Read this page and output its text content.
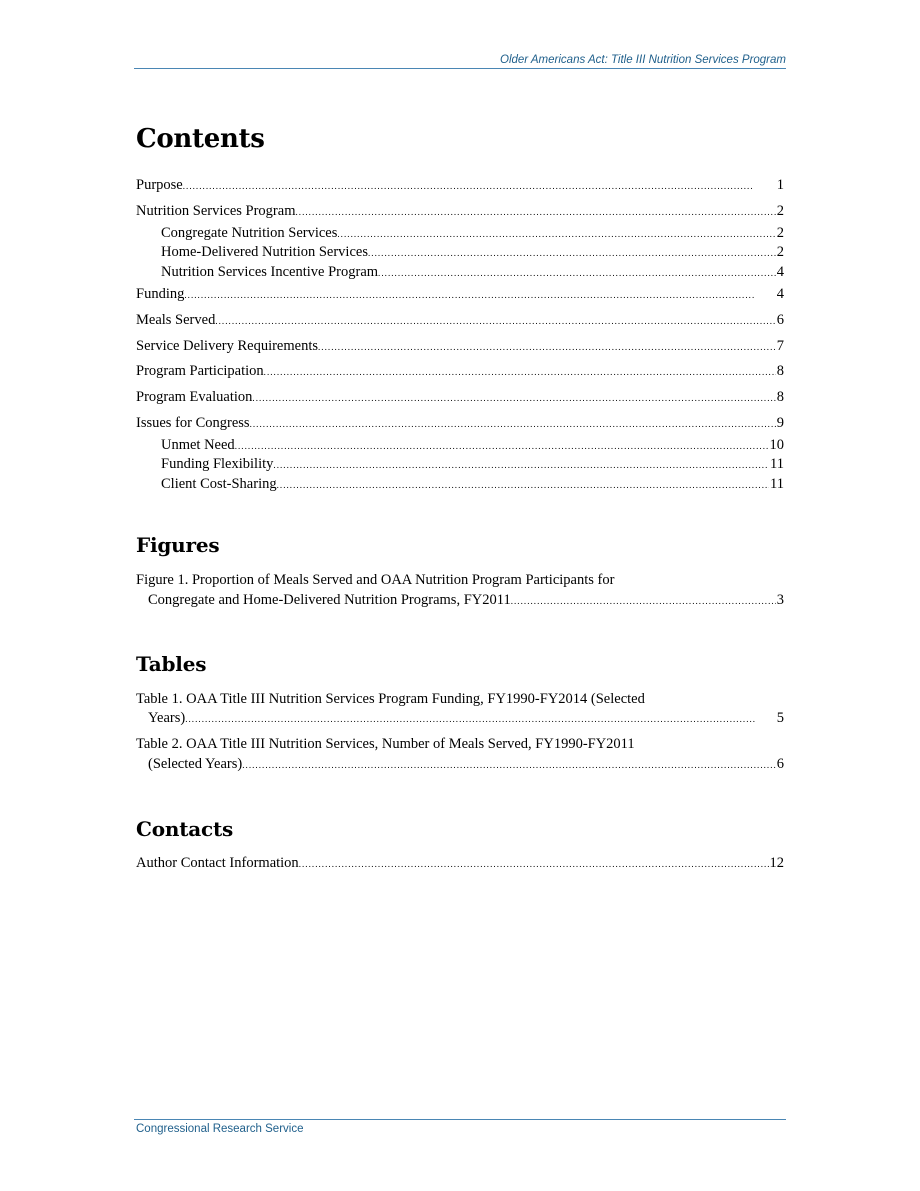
Older Americans Act: Title III Nutrition Services Program
Contents
Purpose . . .	1
Nutrition Services Program . . .	2
Congregate Nutrition Services . . .	2
Home-Delivered Nutrition Services . . .	2
Nutrition Services Incentive Program . . .	4
Funding . . .	4
Meals Served . . .	6
Service Delivery Requirements . . .	7
Program Participation . . .	8
Program Evaluation . . .	8
Issues for Congress . . .	9
Unmet Need . . .	10
Funding Flexibility . . .	11
Client Cost-Sharing . . .	11
Figures
Figure 1. Proportion of Meals Served and OAA Nutrition Program Participants for
Congregate and Home-Delivered Nutrition Programs, FY2011 . . .	3
Tables
Table 1. OAA Title III Nutrition Services Program Funding, FY1990-FY2014 (Selected
Years) . . .	5
Table 2. OAA Title III Nutrition Services, Number of Meals Served, FY1990-FY2011
(Selected Years) . . .	6
Contacts
Author Contact Information . . .	12
Congressional Research Service
